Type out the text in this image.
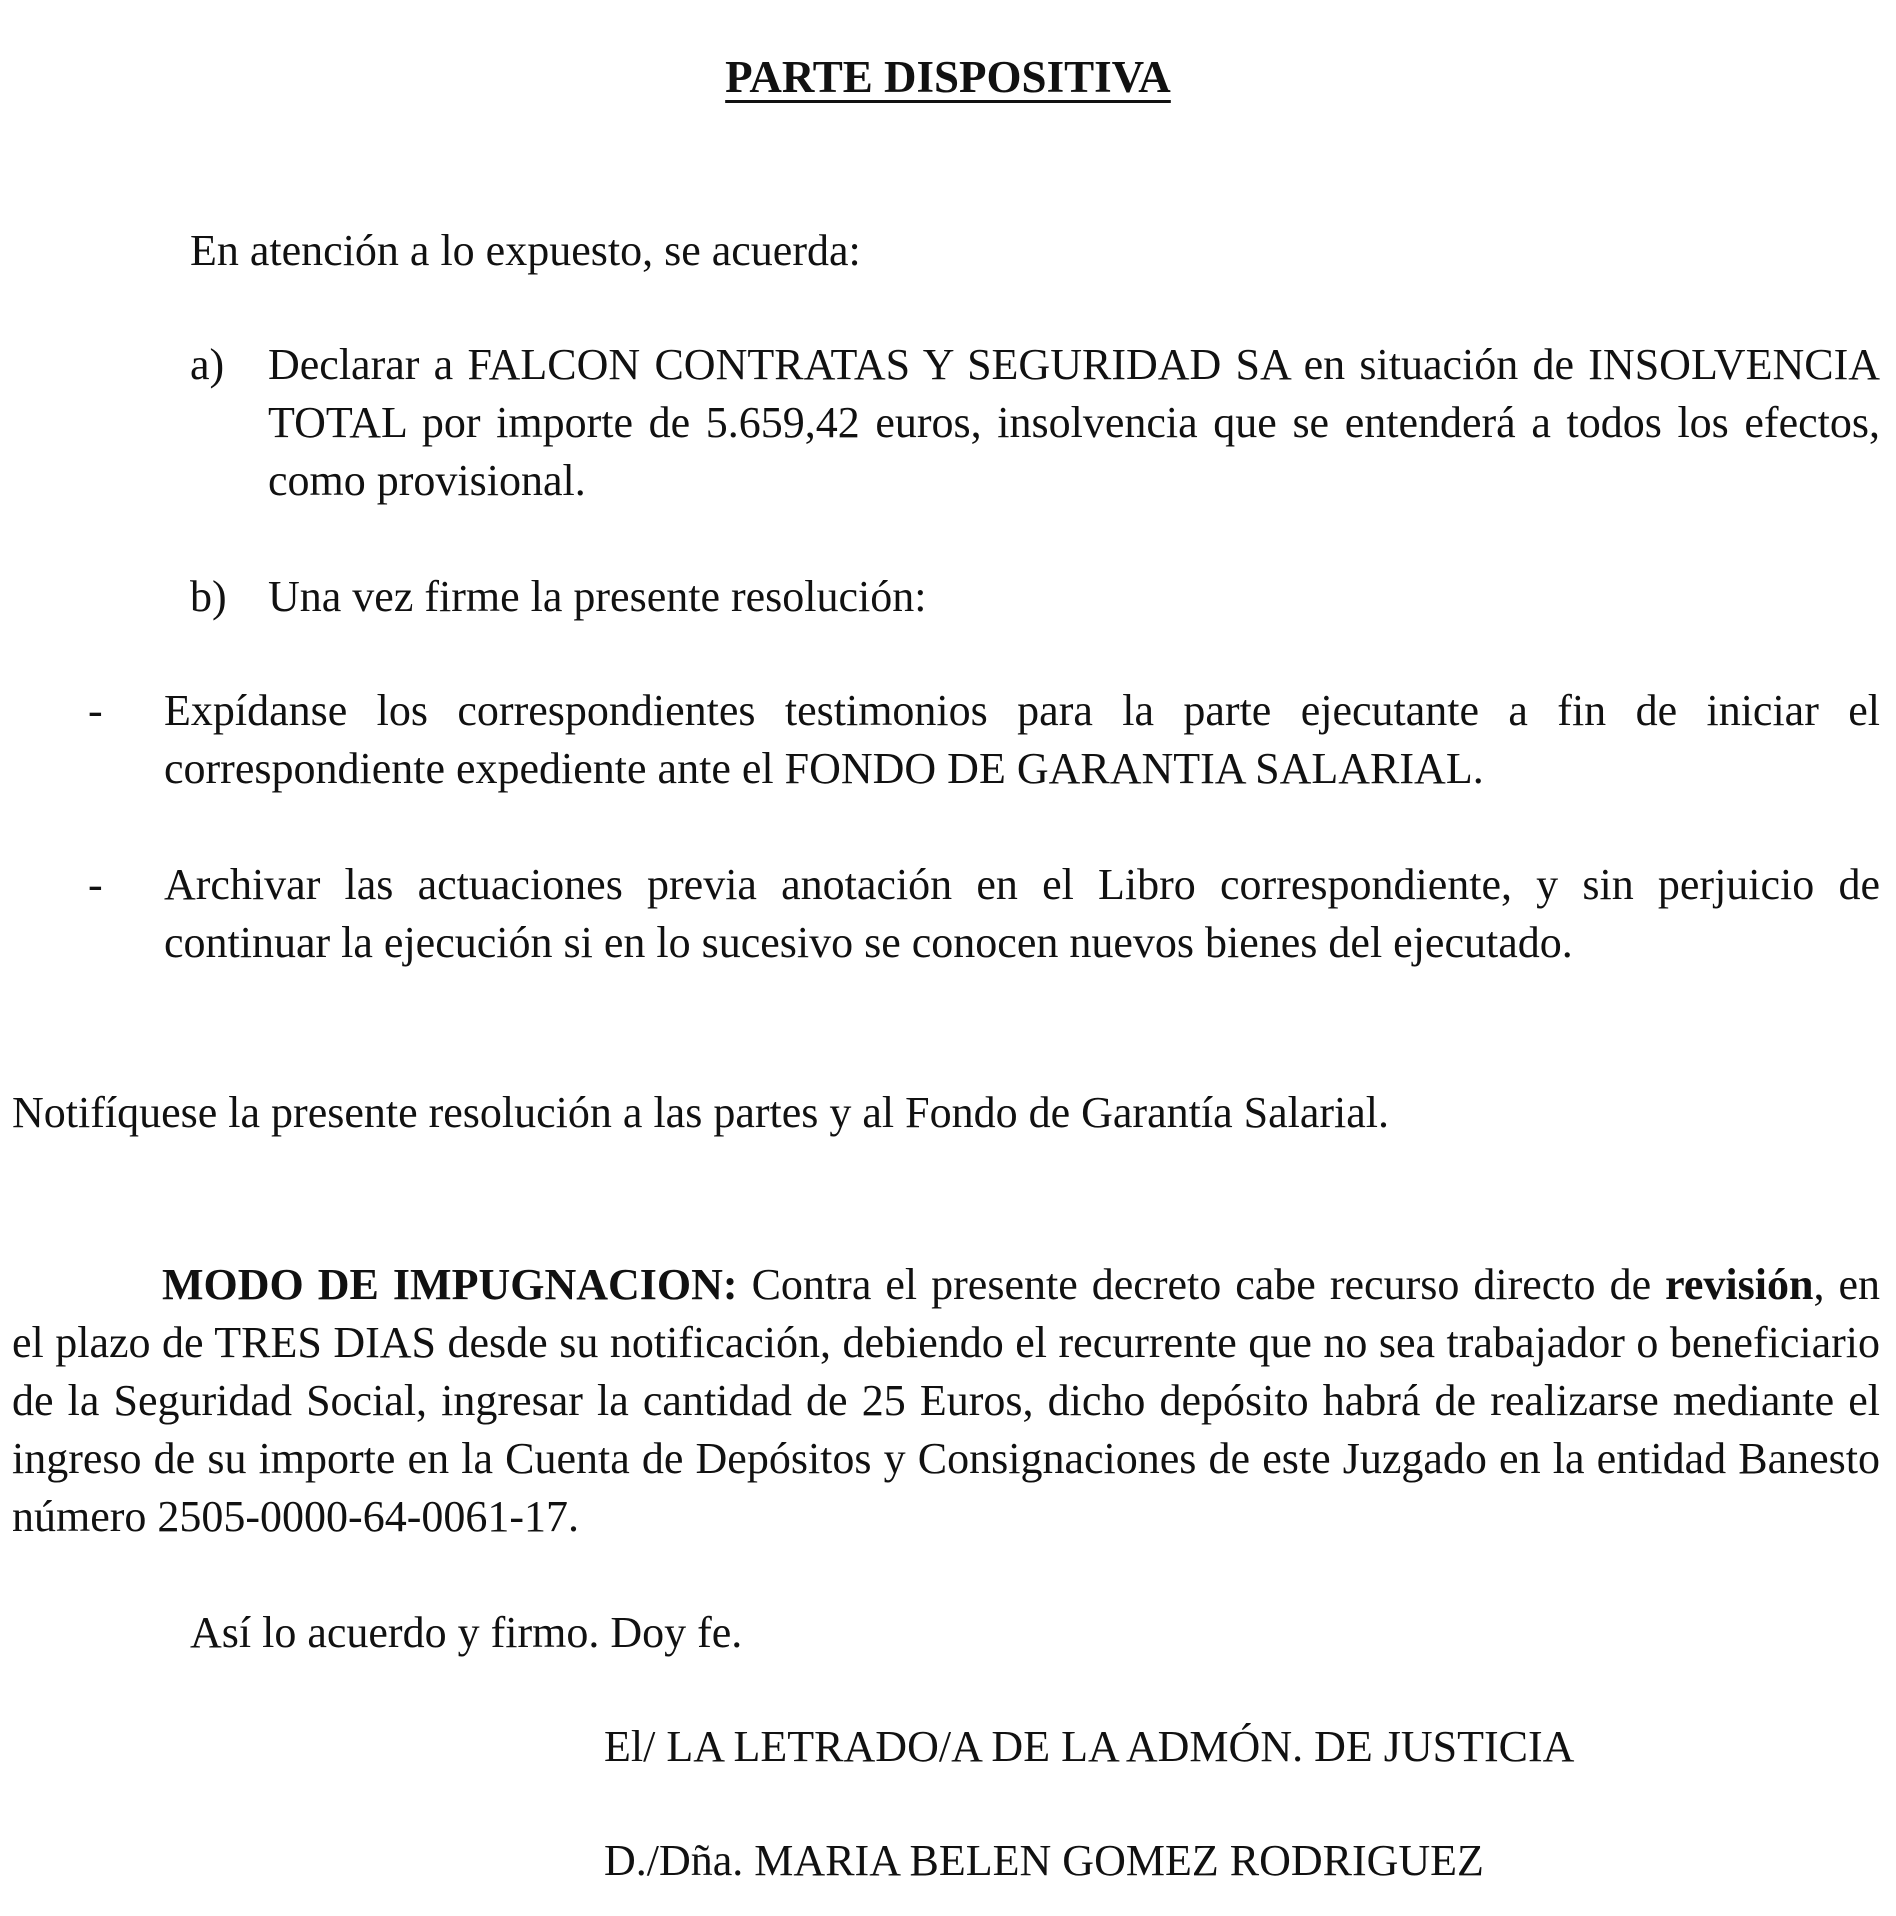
PARTE DISPOSITIVA

En atención a lo expuesto, se acuerda:

a) Declarar a FALCON CONTRATAS Y SEGURIDAD SA en situación de INSOLVENCIA TOTAL por importe de 5.659,42 euros, insolvencia que se entenderá a todos los efectos, como provisional.

b) Una vez firme la presente resolución:

- Expídanse los correspondientes testimonios para la parte ejecutante a fin de iniciar el correspondiente expediente ante el FONDO DE GARANTIA SALARIAL.

- Archivar las actuaciones previa anotación en el Libro correspondiente, y sin perjuicio de continuar la ejecución si en lo sucesivo se conocen nuevos bienes del ejecutado.

Notifíquese la presente resolución a las partes y al Fondo de Garantía Salarial.

MODO DE IMPUGNACION: Contra el presente decreto cabe recurso directo de revisión, en el plazo de TRES DIAS desde su notificación, debiendo el recurrente que no sea trabajador o beneficiario de la Seguridad Social, ingresar la cantidad de 25 Euros, dicho depósito habrá de realizarse mediante el ingreso de su importe en la Cuenta de Depósitos y Consignaciones de este Juzgado en la entidad Banesto número 2505-0000-64-0061-17.

Así lo acuerdo y firmo. Doy fe.

El/ LA LETRADO/A DE LA ADMÓN. DE JUSTICIA

D./Dña. MARIA BELEN GOMEZ RODRIGUEZ
